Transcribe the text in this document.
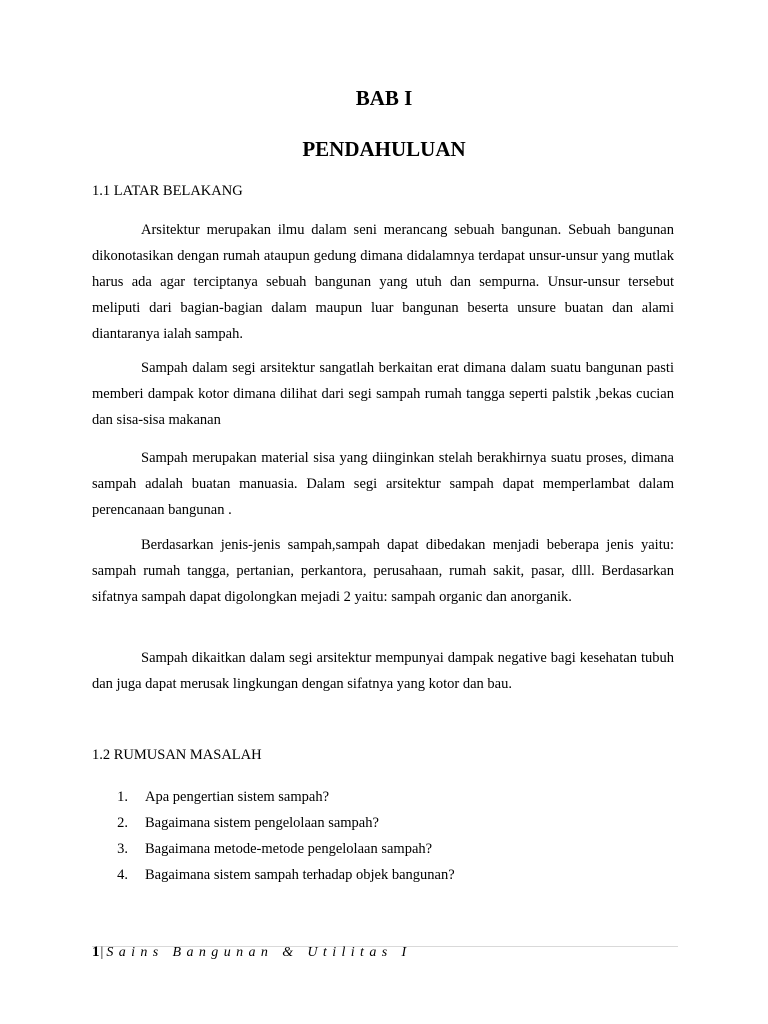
BAB I
PENDAHULUAN
1.1 LATAR BELAKANG

Arsitektur merupakan ilmu dalam seni merancang sebuah bangunan. Sebuah bangunan dikonotasikan dengan rumah ataupun gedung dimana didalamnya terdapat unsur-unsur yang mutlak harus ada agar terciptanya sebuah bangunan yang utuh dan sempurna. Unsur-unsur tersebut meliputi dari bagian-bagian dalam maupun luar bangunan beserta unsure buatan dan alami diantaranya ialah sampah.

Sampah dalam segi arsitektur sangatlah berkaitan erat dimana dalam suatu bangunan pasti memberi dampak kotor dimana dilihat dari segi sampah rumah tangga seperti palstik ,bekas cucian dan sisa-sisa makanan

Sampah merupakan material sisa yang diinginkan stelah berakhirnya suatu proses, dimana sampah adalah buatan manuasia. Dalam segi arsitektur sampah dapat memperlambat dalam perencanaan bangunan .

Berdasarkan jenis-jenis sampah,sampah dapat dibedakan menjadi beberapa jenis yaitu: sampah rumah tangga, pertanian, perkantora, perusahaan, rumah sakit, pasar, dlll. Berdasarkan sifatnya sampah dapat digolongkan mejadi 2 yaitu: sampah organic dan anorganik.

Sampah dikaitkan dalam segi arsitektur mempunyai dampak negative bagi kesehatan tubuh dan juga dapat merusak lingkungan dengan sifatnya yang kotor dan bau.

1.2 RUMUSAN MASALAH
1.	Apa pengertian sistem sampah?
2.	Bagaimana sistem pengelolaan sampah?
3.	Bagaimana metode-metode pengelolaan sampah?
4.	Bagaimana sistem sampah terhadap objek bangunan?
1 | Sains Bangunan & Utilitas I
